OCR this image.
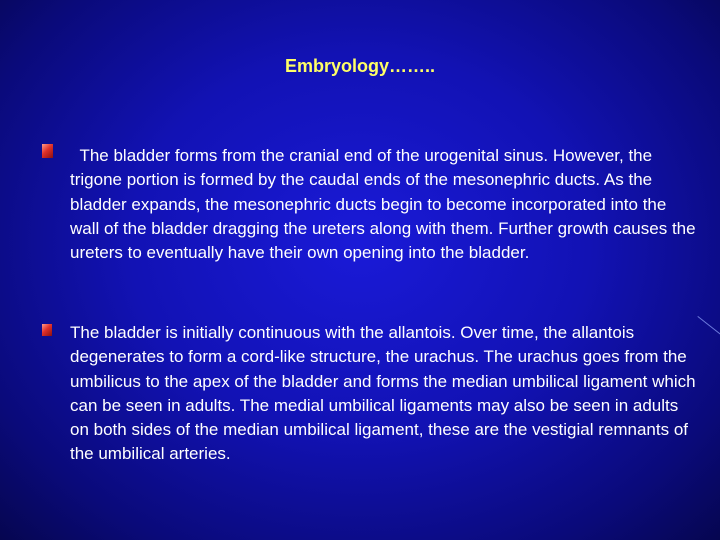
Embryology……..

The bladder forms from the cranial end of the urogenital sinus. However, the trigone portion is formed by the caudal ends of the mesonephric ducts. As the bladder expands, the mesonephric ducts begin to become incorporated into the wall of the bladder dragging the ureters along with them. Further growth causes the ureters to eventually have their own opening into the bladder.

The bladder is initially continuous with the allantois. Over time, the allantois degenerates to form a cord-like structure, the urachus. The urachus goes from the umbilicus to the apex of the bladder and forms the median umbilical ligament which can be seen in adults. The medial umbilical ligaments may also be seen in adults on both sides of the median umbilical ligament, these are the vestigial remnants of the umbilical arteries.
